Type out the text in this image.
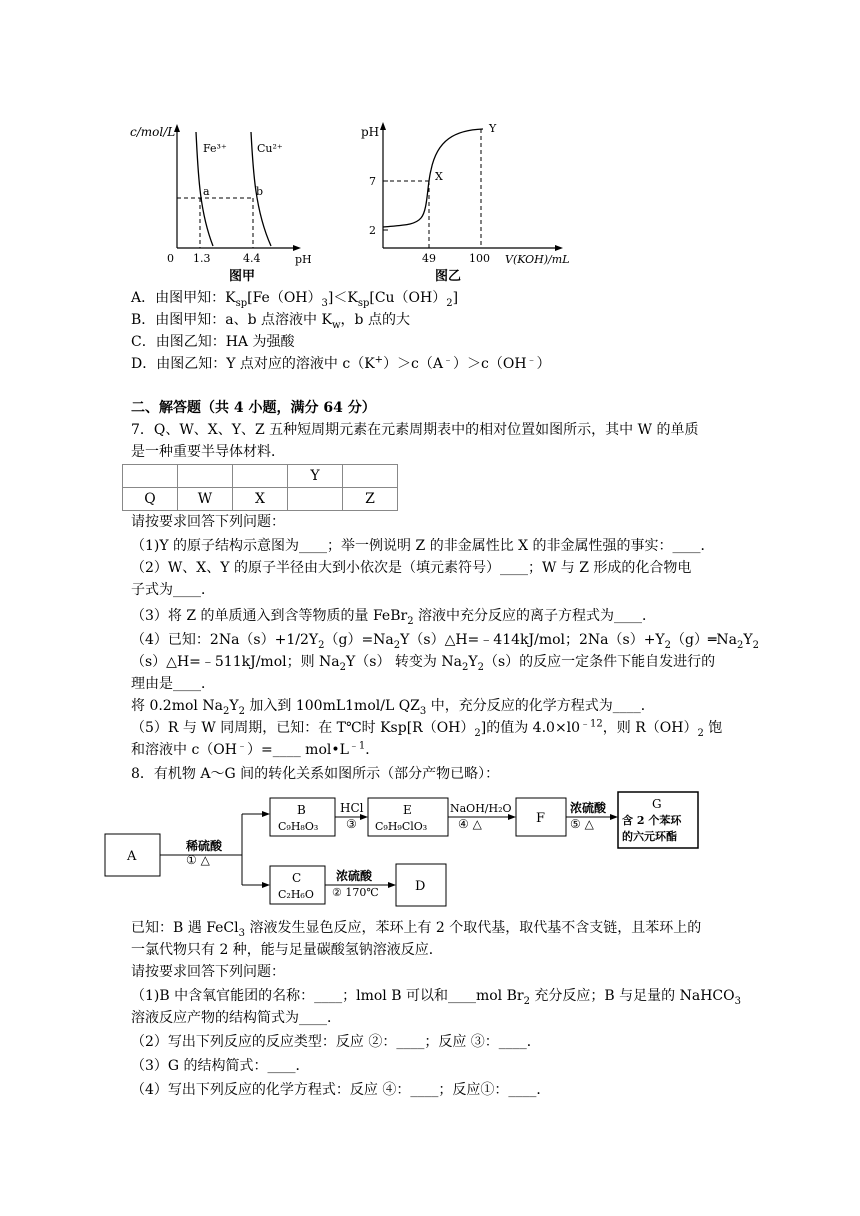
c/mol/L
0 1.3	4.4	pH
Fe³⁺	Cu²⁺
a	b
图甲
pH
7
2
X
Y
49	100 V(KOH)/mL
图乙
A．由图甲知：$K_{sp}[Fe(OH)_3]<K_{sp}[Cu(OH)_2]$
B．由图甲知：a、b 点溶液中 $K_w$，b 点的大
C．由图乙知：HA 为强酸
D．由图乙知：Y 点对应的溶液中 c（K+）＞c（A﹣）＞c（OH﹣）
二、解答题（共 4 小题，满分 64 分）
7．Q、W、X、Y、Z 五种短周期元素在元素周期表中的相对位置如图所示，其中 W 的单质
是一种重要半导体材料．
			Y	
Q	W	X		Z
请按要求回答下列问题：
（1)Y 的原子结构示意图为____；举一例说明 Z 的非金属性比 X 的非金属性强的事实：____．
（2）W、X、Y 的原子半径由大到小依次是（填元素符号）____；W 与 Z 形成的化合物电
子式为____．
（3）将 Z 的单质通入到含等物质的量 FeBr$_2$ 溶液中充分反应的离子方程式为____．
（4）已知：$2Na(s)+1/2Y_2(g)=Na_2Y(s)\triangle H=﹣414kJ$/mol；$2Na(s)+Y_2(g)═Na_2Y_2$
（s）△H=﹣511kJ/mol；则 $Na_2Y(s)$ 转变为 $Na_2Y_2(s)$的反应一定条件下能自发进行的
理由是____．
将 0.2mol $Na_2Y_2$ 加入到 100mL1mol/L $QZ_3$ 中，充分反应的化学方程式为____．
（5）R 与 W 同周期，已知：在 T℃时 $Ksp[R(OH)_2]$的值为 $4.0\times l0^{﹣12}$，则 $R(OH)_2$ 饱
和溶液中 c（OH﹣）=____ $mol•L^{﹣1}$．
8．有机物 A～G 间的转化关系如图所示（部分产物已略）：
A
稀硫酸
① △
B
C₉H₈O₃
HCl
③
E
C₉H₉ClO₃
NaOH/H₂O
④ △	F
浓硫酸
⑤ △
G
含 2 个苯环
的六元环酯
C
C₂H₆O
浓硫酸
② 170℃	D
已知：B 遇 FeCl$_3$ 溶液发生显色反应，苯环上有 2 个取代基，取代基不含支链，且苯环上的
一氯代物只有 2 种，能与足量碳酸氢钠溶液反应．
请按要求回答下列问题：
（1)B 中含氧官能团的名称：____；lmol B 可以和____mol $Br_2$ 充分反应；B 与足量的 NaHCO$_3$
溶液反应产物的结构简式为____．
（2）写出下列反应的反应类型：反应 ②：____；反应 ③：____．
（3）G 的结构简式：____．
（4）写出下列反应的化学方程式：反应 ④：____；反应①：____．
